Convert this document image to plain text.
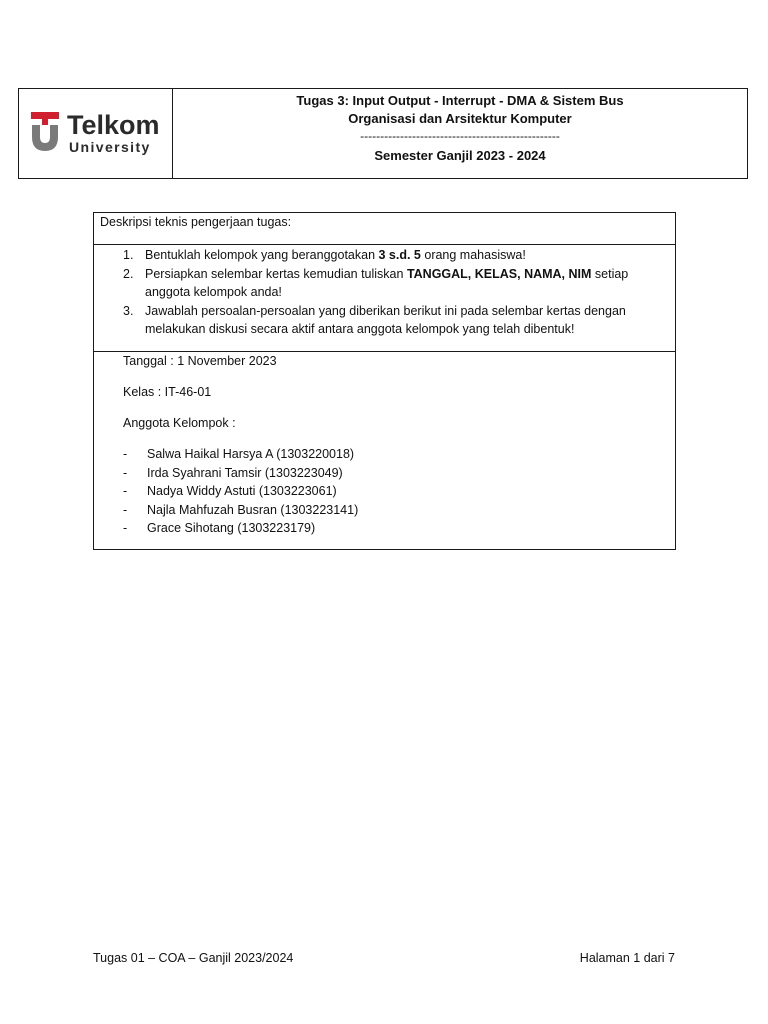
Telkom
University
Tugas 3: Input Output - Interrupt - DMA & Sistem Bus
Organisasi dan Arsitektur Komputer
--------------------------------------------------
Semester Ganjil 2023 - 2024
Deskripsi teknis pengerjaan tugas:
1. Bentuklah kelompok yang beranggotakan 3 s.d. 5 orang mahasiswa!
2. Persiapkan selembar kertas kemudian tuliskan TANGGAL, KELAS, NAMA, NIM setiap anggota kelompok anda!
3. Jawablah persoalan-persoalan yang diberikan berikut ini pada selembar kertas dengan melakukan diskusi secara aktif antara anggota kelompok yang telah dibentuk!
Tanggal : 1 November 2023
Kelas : IT-46-01
Anggota Kelompok :
-	Salwa Haikal Harsya A (1303220018)
-	Irda Syahrani Tamsir (1303223049)
-	Nadya Widdy Astuti (1303223061)
-	Najla Mahfuzah Busran (1303223141)
-	Grace Sihotang (1303223179)
Tugas 01 – COA – Ganjil 2023/2024	Halaman 1 dari 7
